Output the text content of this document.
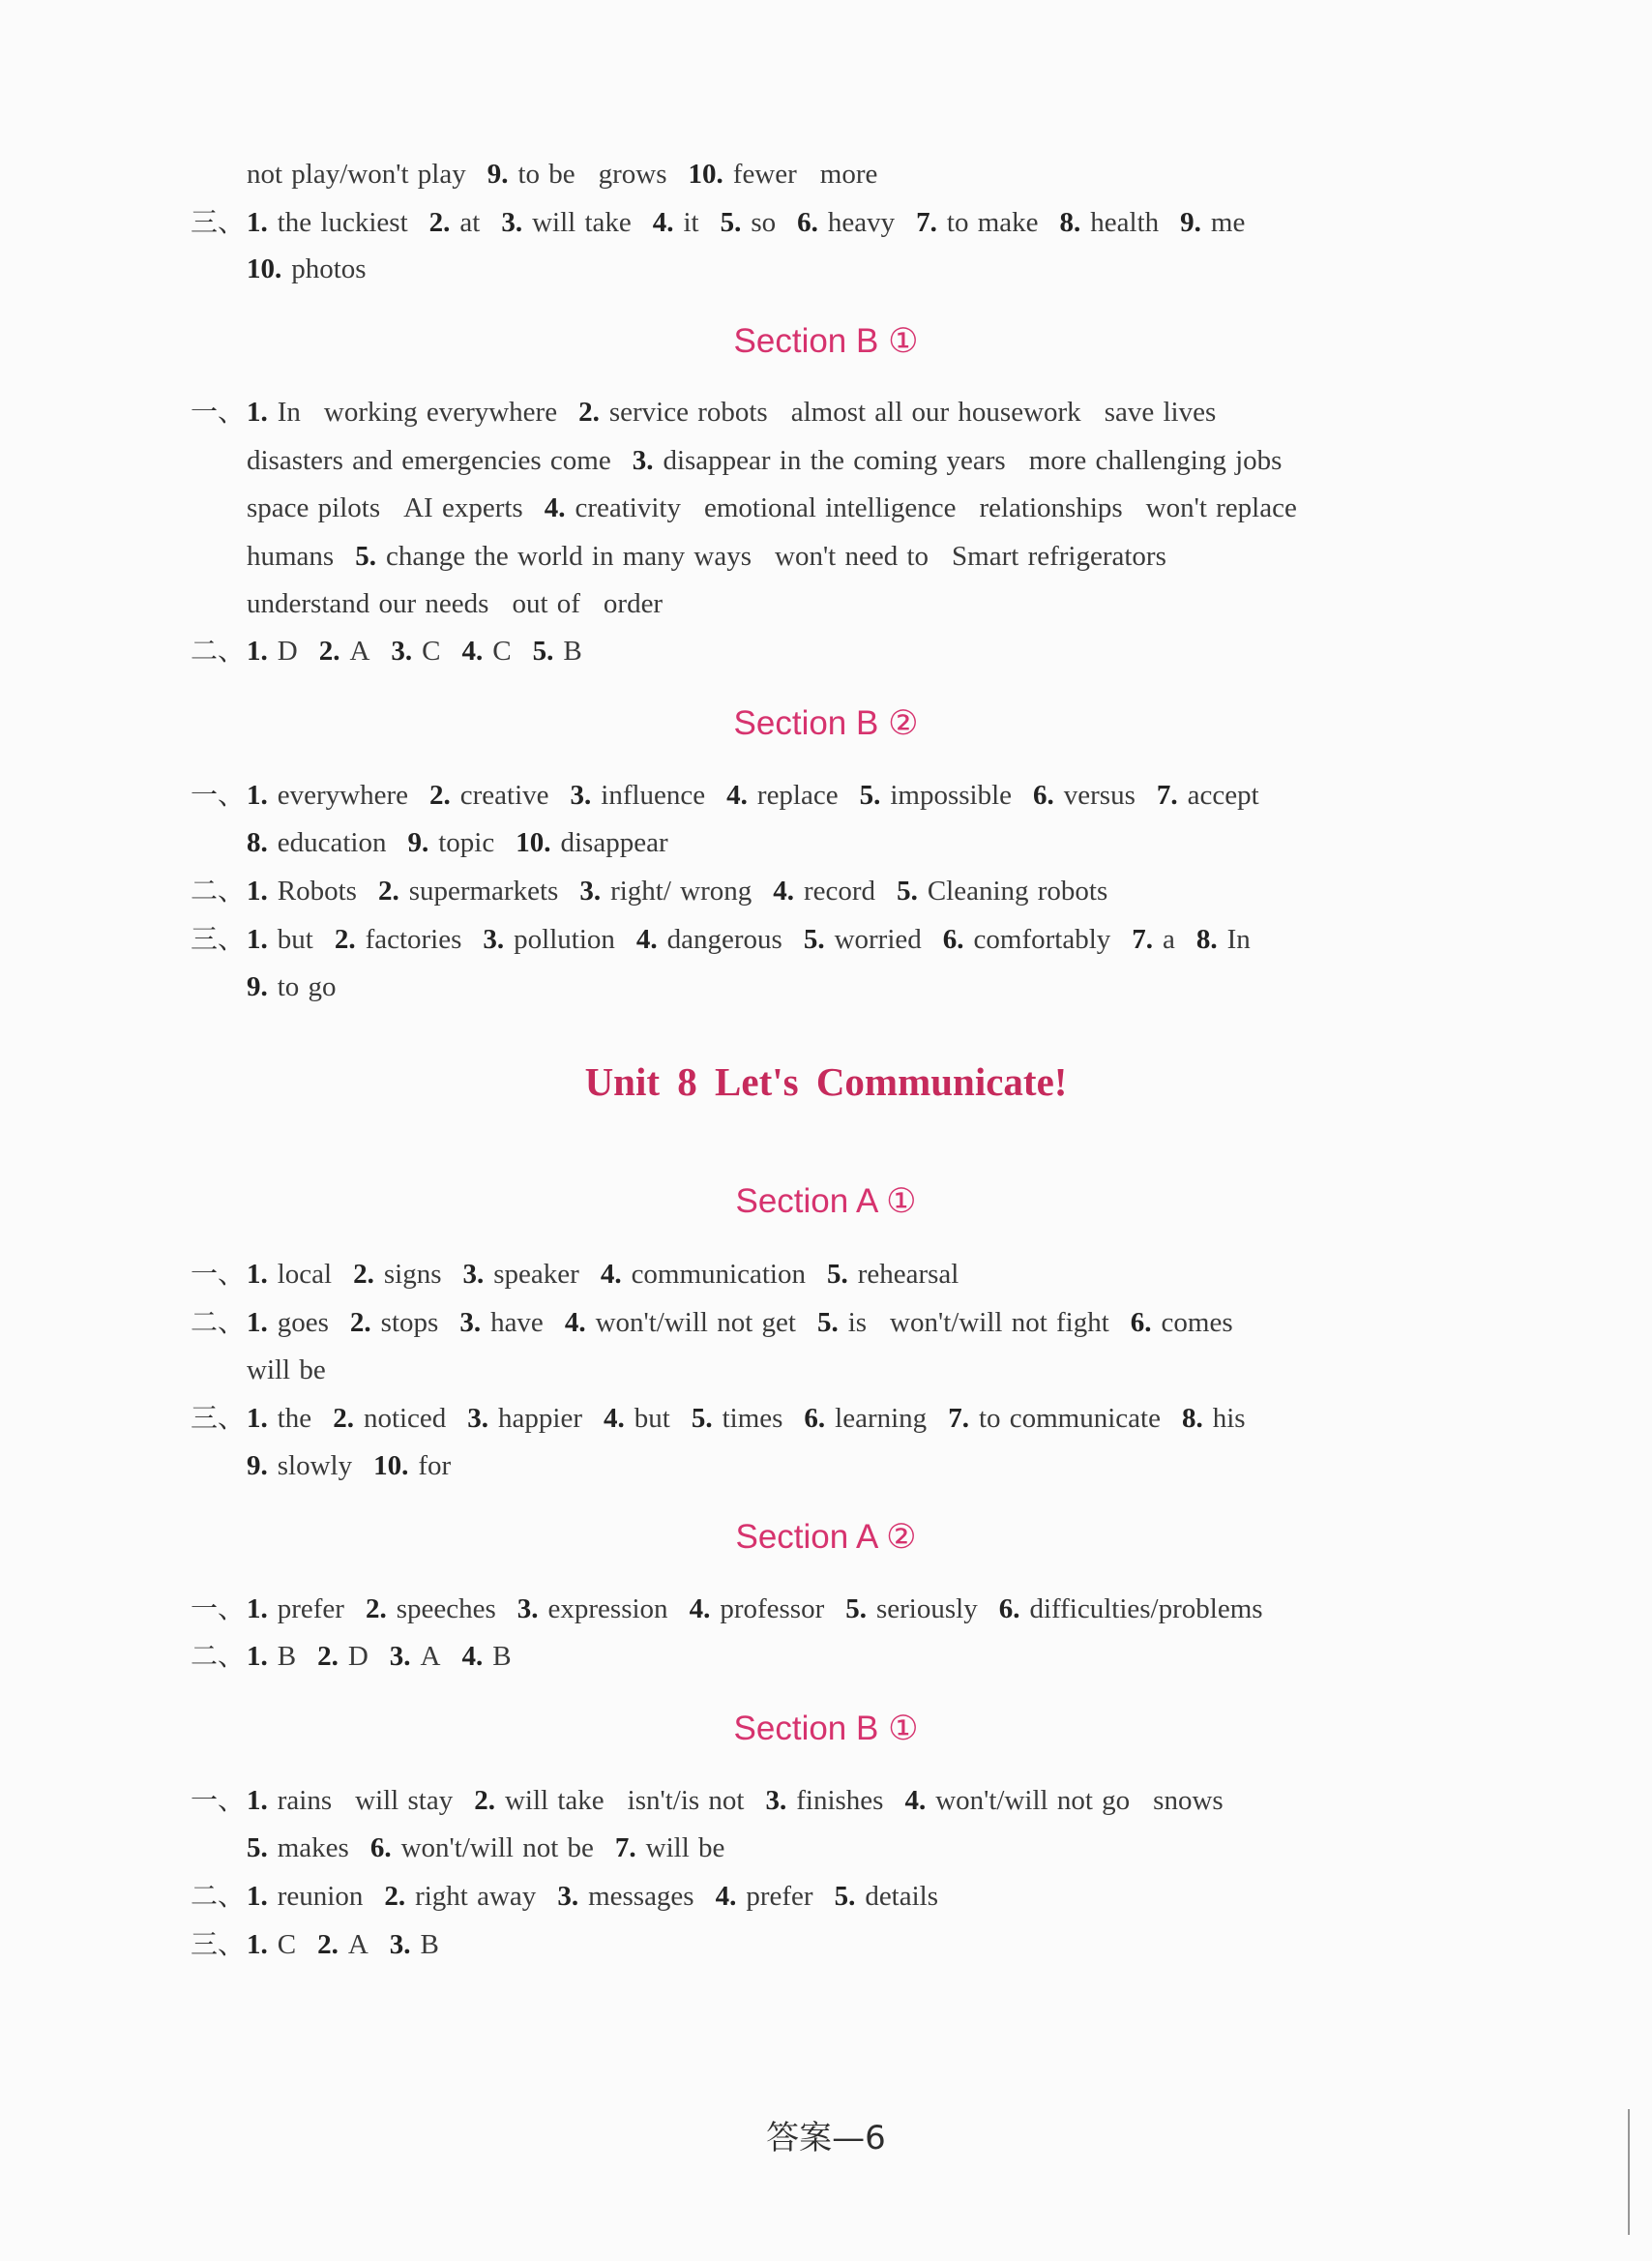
not play/won't play 9. to be grows 10. fewer more
三、1. the luckiest 2. at 3. will take 4. it 5. so 6. heavy 7. to make 8. health 9. me
10. photos
Section B ①
一、1. In working everywhere 2. service robots almost all our housework save lives
disasters and emergencies come 3. disappear in the coming years more challenging jobs
space pilots AI experts 4. creativity emotional intelligence relationships won't replace
humans 5. change the world in many ways won't need to Smart refrigerators
understand our needs out of order
二、1. D 2. A 3. C 4. C 5. B
Section B ②
一、1. everywhere 2. creative 3. influence 4. replace 5. impossible 6. versus 7. accept
8. education 9. topic 10. disappear
二、1. Robots 2. supermarkets 3. right/ wrong 4. record 5. Cleaning robots
三、1. but 2. factories 3. pollution 4. dangerous 5. worried 6. comfortably 7. a 8. In
9. to go
Unit 8 Let's Communicate!
Section A ①
一、1. local 2. signs 3. speaker 4. communication 5. rehearsal
二、1. goes 2. stops 3. have 4. won't/will not get 5. is won't/will not fight 6. comes
will be
三、1. the 2. noticed 3. happier 4. but 5. times 6. learning 7. to communicate 8. his
9. slowly 10. for
Section A ②
一、1. prefer 2. speeches 3. expression 4. professor 5. seriously 6. difficulties/problems
二、1. B 2. D 3. A 4. B
Section B ①
一、1. rains will stay 2. will take isn't/is not 3. finishes 4. won't/will not go snows
5. makes 6. won't/will not be 7. will be
二、1. reunion 2. right away 3. messages 4. prefer 5. details
三、1. C 2. A 3. B
答案—6
